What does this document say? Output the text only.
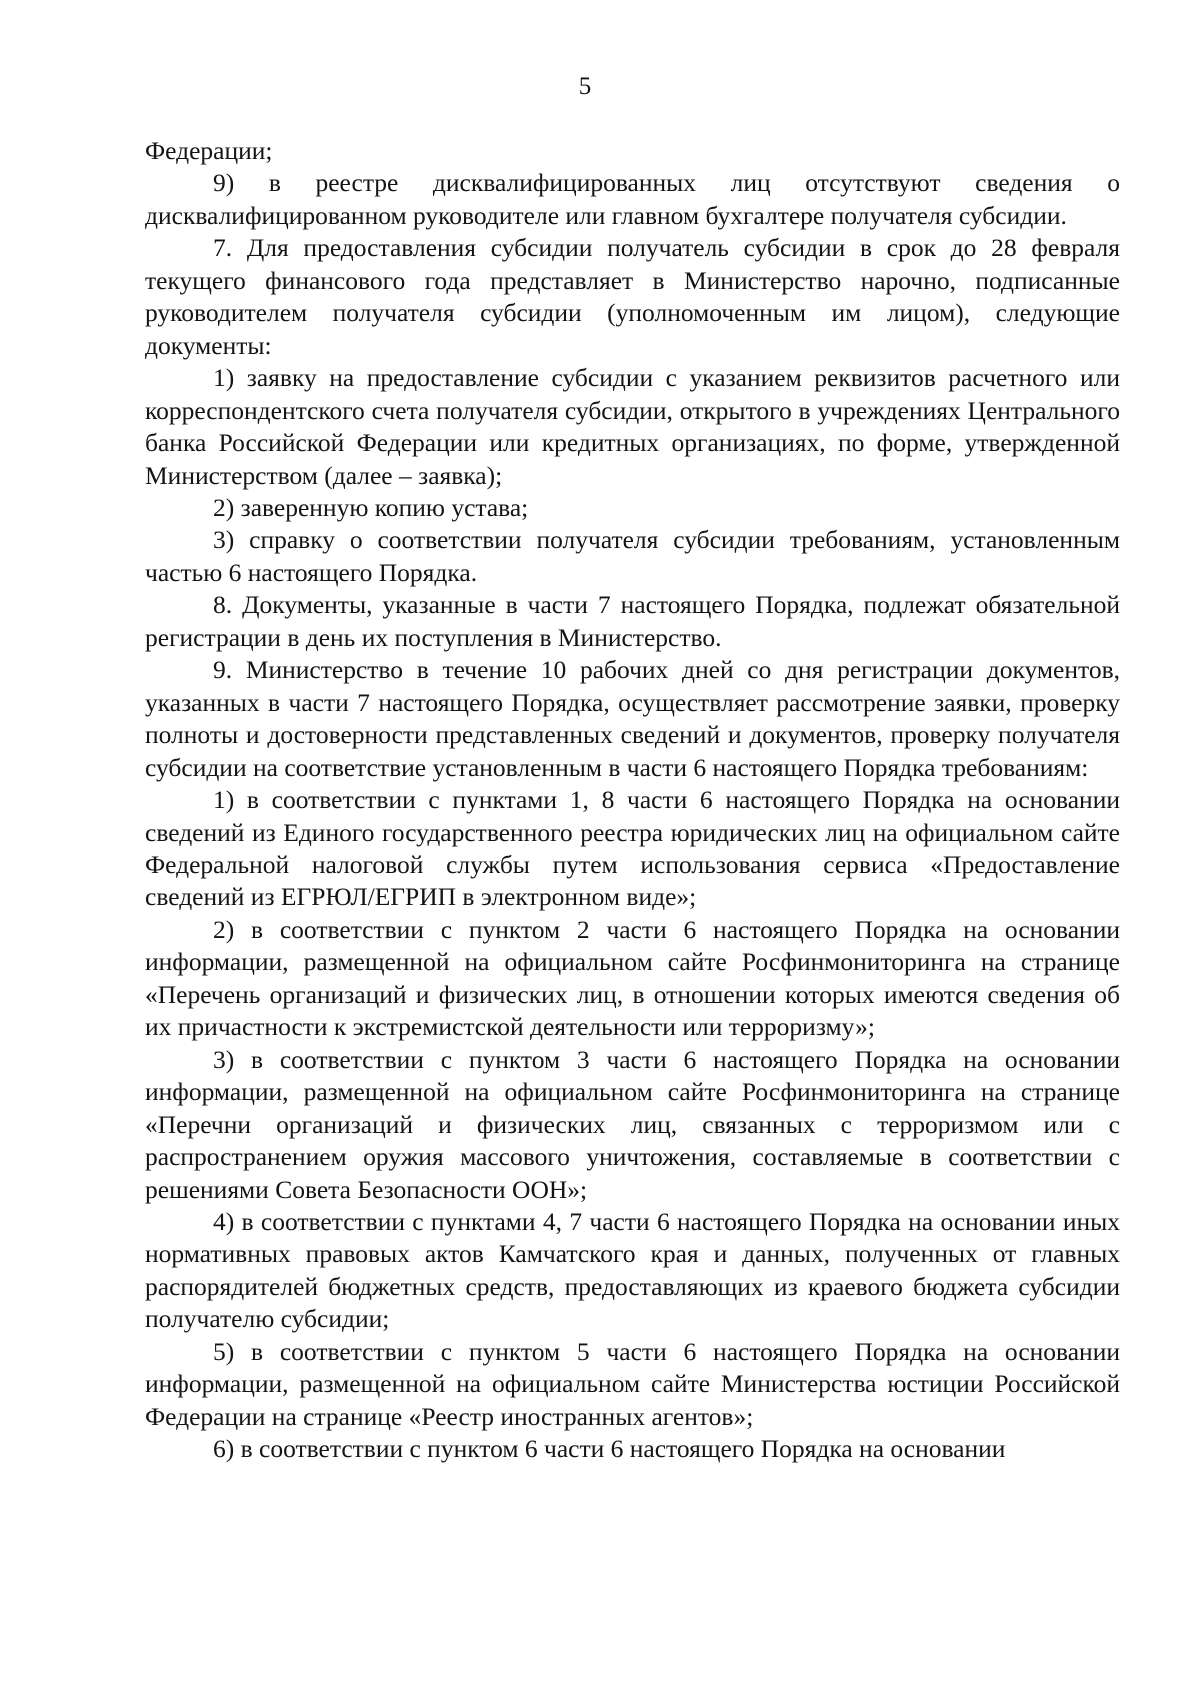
5

Федерации;

9) в реестре дисквалифицированных лиц отсутствуют сведения о дисквалифицированном руководителе или главном бухгалтере получателя субсидии.

7. Для предоставления субсидии получатель субсидии в срок до 28 февраля текущего финансового года представляет в Министерство нарочно, подписанные руководителем получателя субсидии (уполномоченным им лицом), следующие документы:

1) заявку на предоставление субсидии с указанием реквизитов расчетного или корреспондентского счета получателя субсидии, открытого в учреждениях Центрального банка Российской Федерации или кредитных организациях, по форме, утвержденной Министерством (далее – заявка);

2) заверенную копию устава;

3) справку о соответствии получателя субсидии требованиям, установленным частью 6 настоящего Порядка.

8. Документы, указанные в части 7 настоящего Порядка, подлежат обязательной регистрации в день их поступления в Министерство.

9. Министерство в течение 10 рабочих дней со дня регистрации документов, указанных в части 7 настоящего Порядка, осуществляет рассмотрение заявки, проверку полноты и достоверности представленных сведений и документов, проверку получателя субсидии на соответствие установленным в части 6 настоящего Порядка требованиям:

1) в соответствии с пунктами 1, 8 части 6 настоящего Порядка на основании сведений из Единого государственного реестра юридических лиц на официальном сайте Федеральной налоговой службы путем использования сервиса «Предоставление сведений из ЕГРЮЛ/ЕГРИП в электронном виде»;

2) в соответствии с пунктом 2 части 6 настоящего Порядка на основании информации, размещенной на официальном сайте Росфинмониторинга на странице «Перечень организаций и физических лиц, в отношении которых имеются сведения об их причастности к экстремистской деятельности или терроризму»;

3) в соответствии с пунктом 3 части 6 настоящего Порядка на основании информации, размещенной на официальном сайте Росфинмониторинга на странице «Перечни организаций и физических лиц, связанных с терроризмом или с распространением оружия массового уничтожения, составляемые в соответствии с решениями Совета Безопасности ООН»;

4) в соответствии с пунктами 4, 7 части 6 настоящего Порядка на основании иных нормативных правовых актов Камчатского края и данных, полученных от главных распорядителей бюджетных средств, предоставляющих из краевого бюджета субсидии получателю субсидии;

5) в соответствии с пунктом 5 части 6 настоящего Порядка на основании информации, размещенной на официальном сайте Министерства юстиции Российской Федерации на странице «Реестр иностранных агентов»;

6) в соответствии с пунктом 6 части 6 настоящего Порядка на основании
